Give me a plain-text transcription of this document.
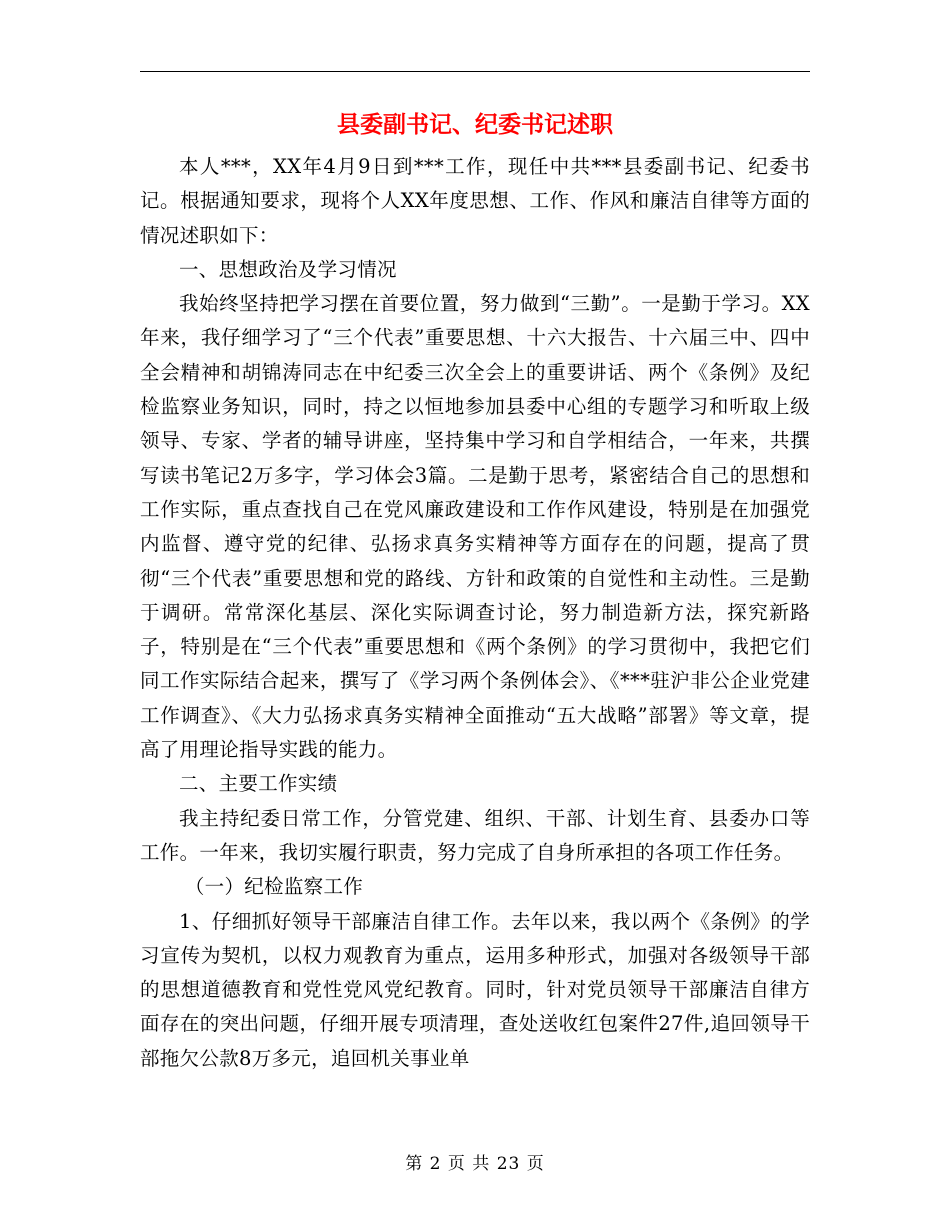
县委副书记、纪委书记述职

本人***，XX年4月9日到***工作，现任中共***县委副书记、纪委书记。根据通知要求，现将个人XX年度思想、工作、作风和廉洁自律等方面的情况述职如下：

一、思想政治及学习情况

我始终坚持把学习摆在首要位置，努力做到“三勤”。一是勤于学习。XX年来，我仔细学习了“三个代表”重要思想、十六大报告、十六届三中、四中全会精神和胡锦涛同志在中纪委三次全会上的重要讲话、两个《条例》及纪检监察业务知识，同时，持之以恒地参加县委中心组的专题学习和听取上级领导、专家、学者的辅导讲座，坚持集中学习和自学相结合，一年来，共撰写读书笔记2万多字，学习体会3篇。二是勤于思考，紧密结合自己的思想和工作实际，重点查找自己在党风廉政建设和工作作风建设，特别是在加强党内监督、遵守党的纪律、弘扬求真务实精神等方面存在的问题，提高了贯彻“三个代表”重要思想和党的路线、方针和政策的自觉性和主动性。三是勤于调研。常常深化基层、深化实际调查讨论，努力制造新方法，探究新路子，特别是在“三个代表”重要思想和《两个条例》的学习贯彻中，我把它们同工作实际结合起来，撰写了《学习两个条例体会》、《***驻沪非公企业党建工作调查》、《大力弘扬求真务实精神全面推动“五大战略”部署》等文章，提高了用理论指导实践的能力。

二、主要工作实绩

我主持纪委日常工作，分管党建、组织、干部、计划生育、县委办口等工作。一年来，我切实履行职责，努力完成了自身所承担的各项工作任务。

（一）纪检监察工作

1、仔细抓好领导干部廉洁自律工作。去年以来，我以两个《条例》的学习宣传为契机，以权力观教育为重点，运用多种形式，加强对各级领导干部的思想道德教育和党性党风党纪教育。同时，针对党员领导干部廉洁自律方面存在的突出问题，仔细开展专项清理，查处送收红包案件27件,追回领导干部拖欠公款8万多元，追回机关事业单

第 2 页 共 23 页
